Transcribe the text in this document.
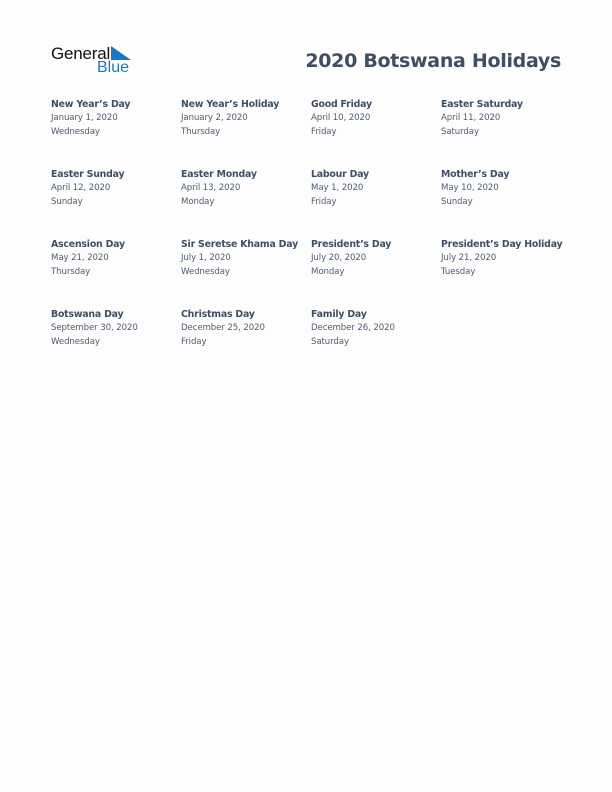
General
Blue	2020 Botswana Holidays
New Year’s Day
January 1, 2020
Wednesday
New Year’s Holiday
January 2, 2020
Thursday
Good Friday
April 10, 2020
Friday
Easter Saturday
April 11, 2020
Saturday
Easter Sunday
April 12, 2020
Sunday
Easter Monday
April 13, 2020
Monday
Labour Day
May 1, 2020
Friday
Mother’s Day
May 10, 2020
Sunday
Ascension Day
May 21, 2020
Thursday
Sir Seretse Khama Day
July 1, 2020
Wednesday
President’s Day
July 20, 2020
Monday
President’s Day Holiday
July 21, 2020
Tuesday
Botswana Day
September 30, 2020
Wednesday
Christmas Day
December 25, 2020
Friday
Family Day
December 26, 2020
Saturday
